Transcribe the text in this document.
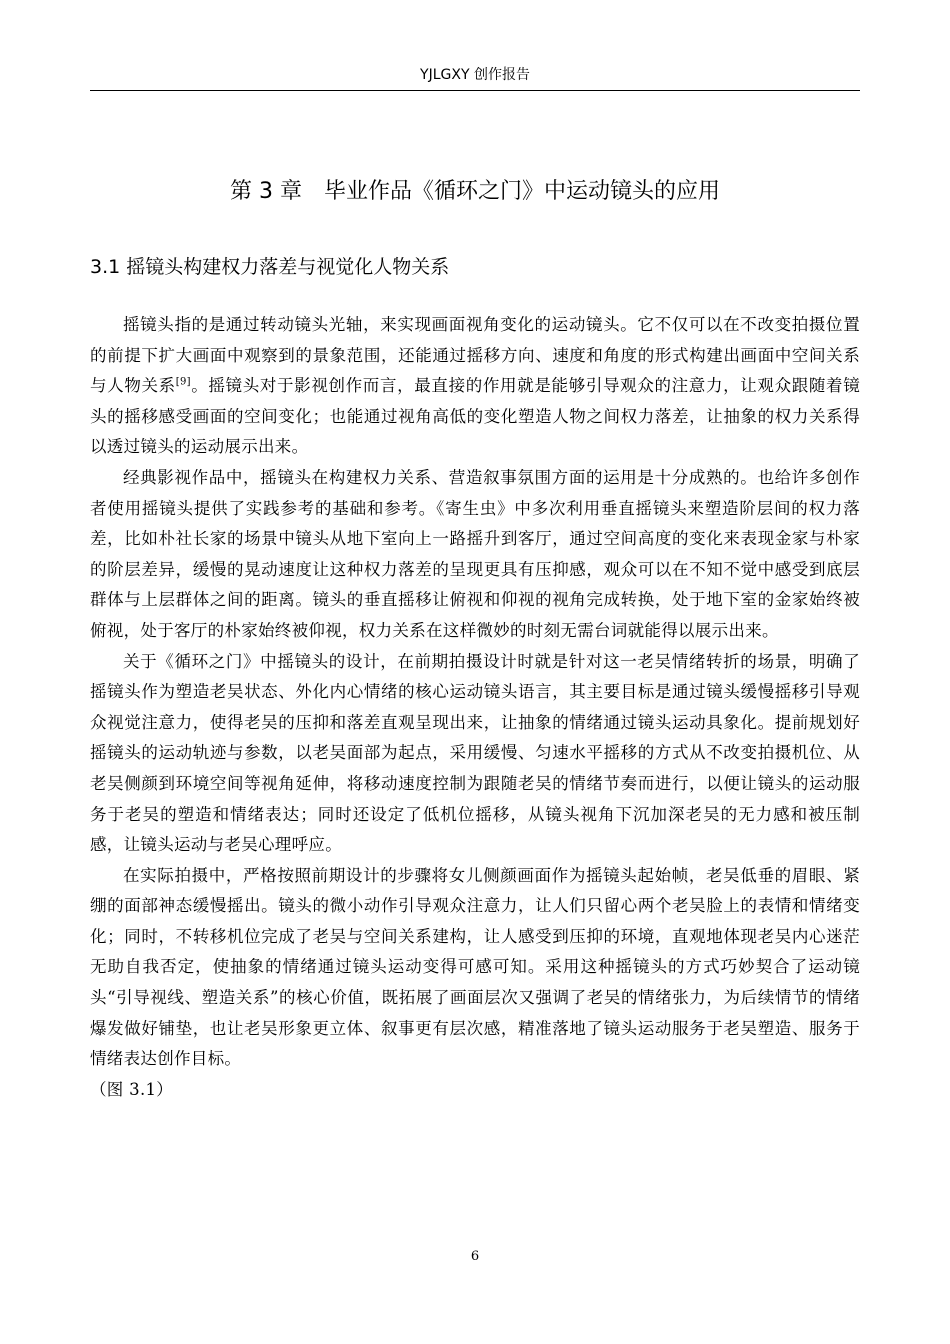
YJLGXY 创作报告
第 3 章　毕业作品《循环之门》中运动镜头的应用
3.1 摇镜头构建权力落差与视觉化人物关系

摇镜头指的是通过转动镜头光轴，来实现画面视角变化的运动镜头。它不仅可以在不改变拍摄位置的前提下扩大画面中观察到的景象范围，还能通过摇移方向、速度和角度的形式构建出画面中空间关系与人物关系[9]。摇镜头对于影视创作而言，最直接的作用就是能够引导观众的注意力，让观众跟随着镜头的摇移感受画面的空间变化；也能通过视角高低的变化塑造人物之间权力落差，让抽象的权力关系得以透过镜头的运动展示出来。

经典影视作品中，摇镜头在构建权力关系、营造叙事氛围方面的运用是十分成熟的。也给许多创作者使用摇镜头提供了实践参考的基础和参考。《寄生虫》中多次利用垂直摇镜头来塑造阶层间的权力落差，比如朴社长家的场景中镜头从地下室向上一路摇升到客厅，通过空间高度的变化来表现金家与朴家的阶层差异，缓慢的晃动速度让这种权力落差的呈现更具有压抑感，观众可以在不知不觉中感受到底层群体与上层群体之间的距离。镜头的垂直摇移让俯视和仰视的视角完成转换，处于地下室的金家始终被俯视，处于客厅的朴家始终被仰视，权力关系在这样微妙的时刻无需台词就能得以展示出来。

关于《循环之门》中摇镜头的设计，在前期拍摄设计时就是针对这一老吴情绪转折的场景，明确了摇镜头作为塑造老吴状态、外化内心情绪的核心运动镜头语言，其主要目标是通过镜头缓慢摇移引导观众视觉注意力，使得老吴的压抑和落差直观呈现出来，让抽象的情绪通过镜头运动具象化。提前规划好摇镜头的运动轨迹与参数，以老吴面部为起点，采用缓慢、匀速水平摇移的方式从不改变拍摄机位、从老吴侧颜到环境空间等视角延伸，将移动速度控制为跟随老吴的情绪节奏而进行，以便让镜头的运动服务于老吴的塑造和情绪表达；同时还设定了低机位摇移，从镜头视角下沉加深老吴的无力感和被压制感，让镜头运动与老吴心理呼应。

在实际拍摄中，严格按照前期设计的步骤将女儿侧颜画面作为摇镜头起始帧，老吴低垂的眉眼、紧绷的面部神态缓慢摇出。镜头的微小动作引导观众注意力，让人们只留心两个老吴脸上的表情和情绪变化；同时，不转移机位完成了老吴与空间关系建构，让人感受到压抑的环境，直观地体现老吴内心迷茫无助自我否定，使抽象的情绪通过镜头运动变得可感可知。采用这种摇镜头的方式巧妙契合了运动镜头“引导视线、塑造关系”的核心价值，既拓展了画面层次又强调了老吴的情绪张力，为后续情节的情绪爆发做好铺垫，也让老吴形象更立体、叙事更有层次感，精准落地了镜头运动服务于老吴塑造、服务于情绪表达创作目标。

（图 3.1）

6
